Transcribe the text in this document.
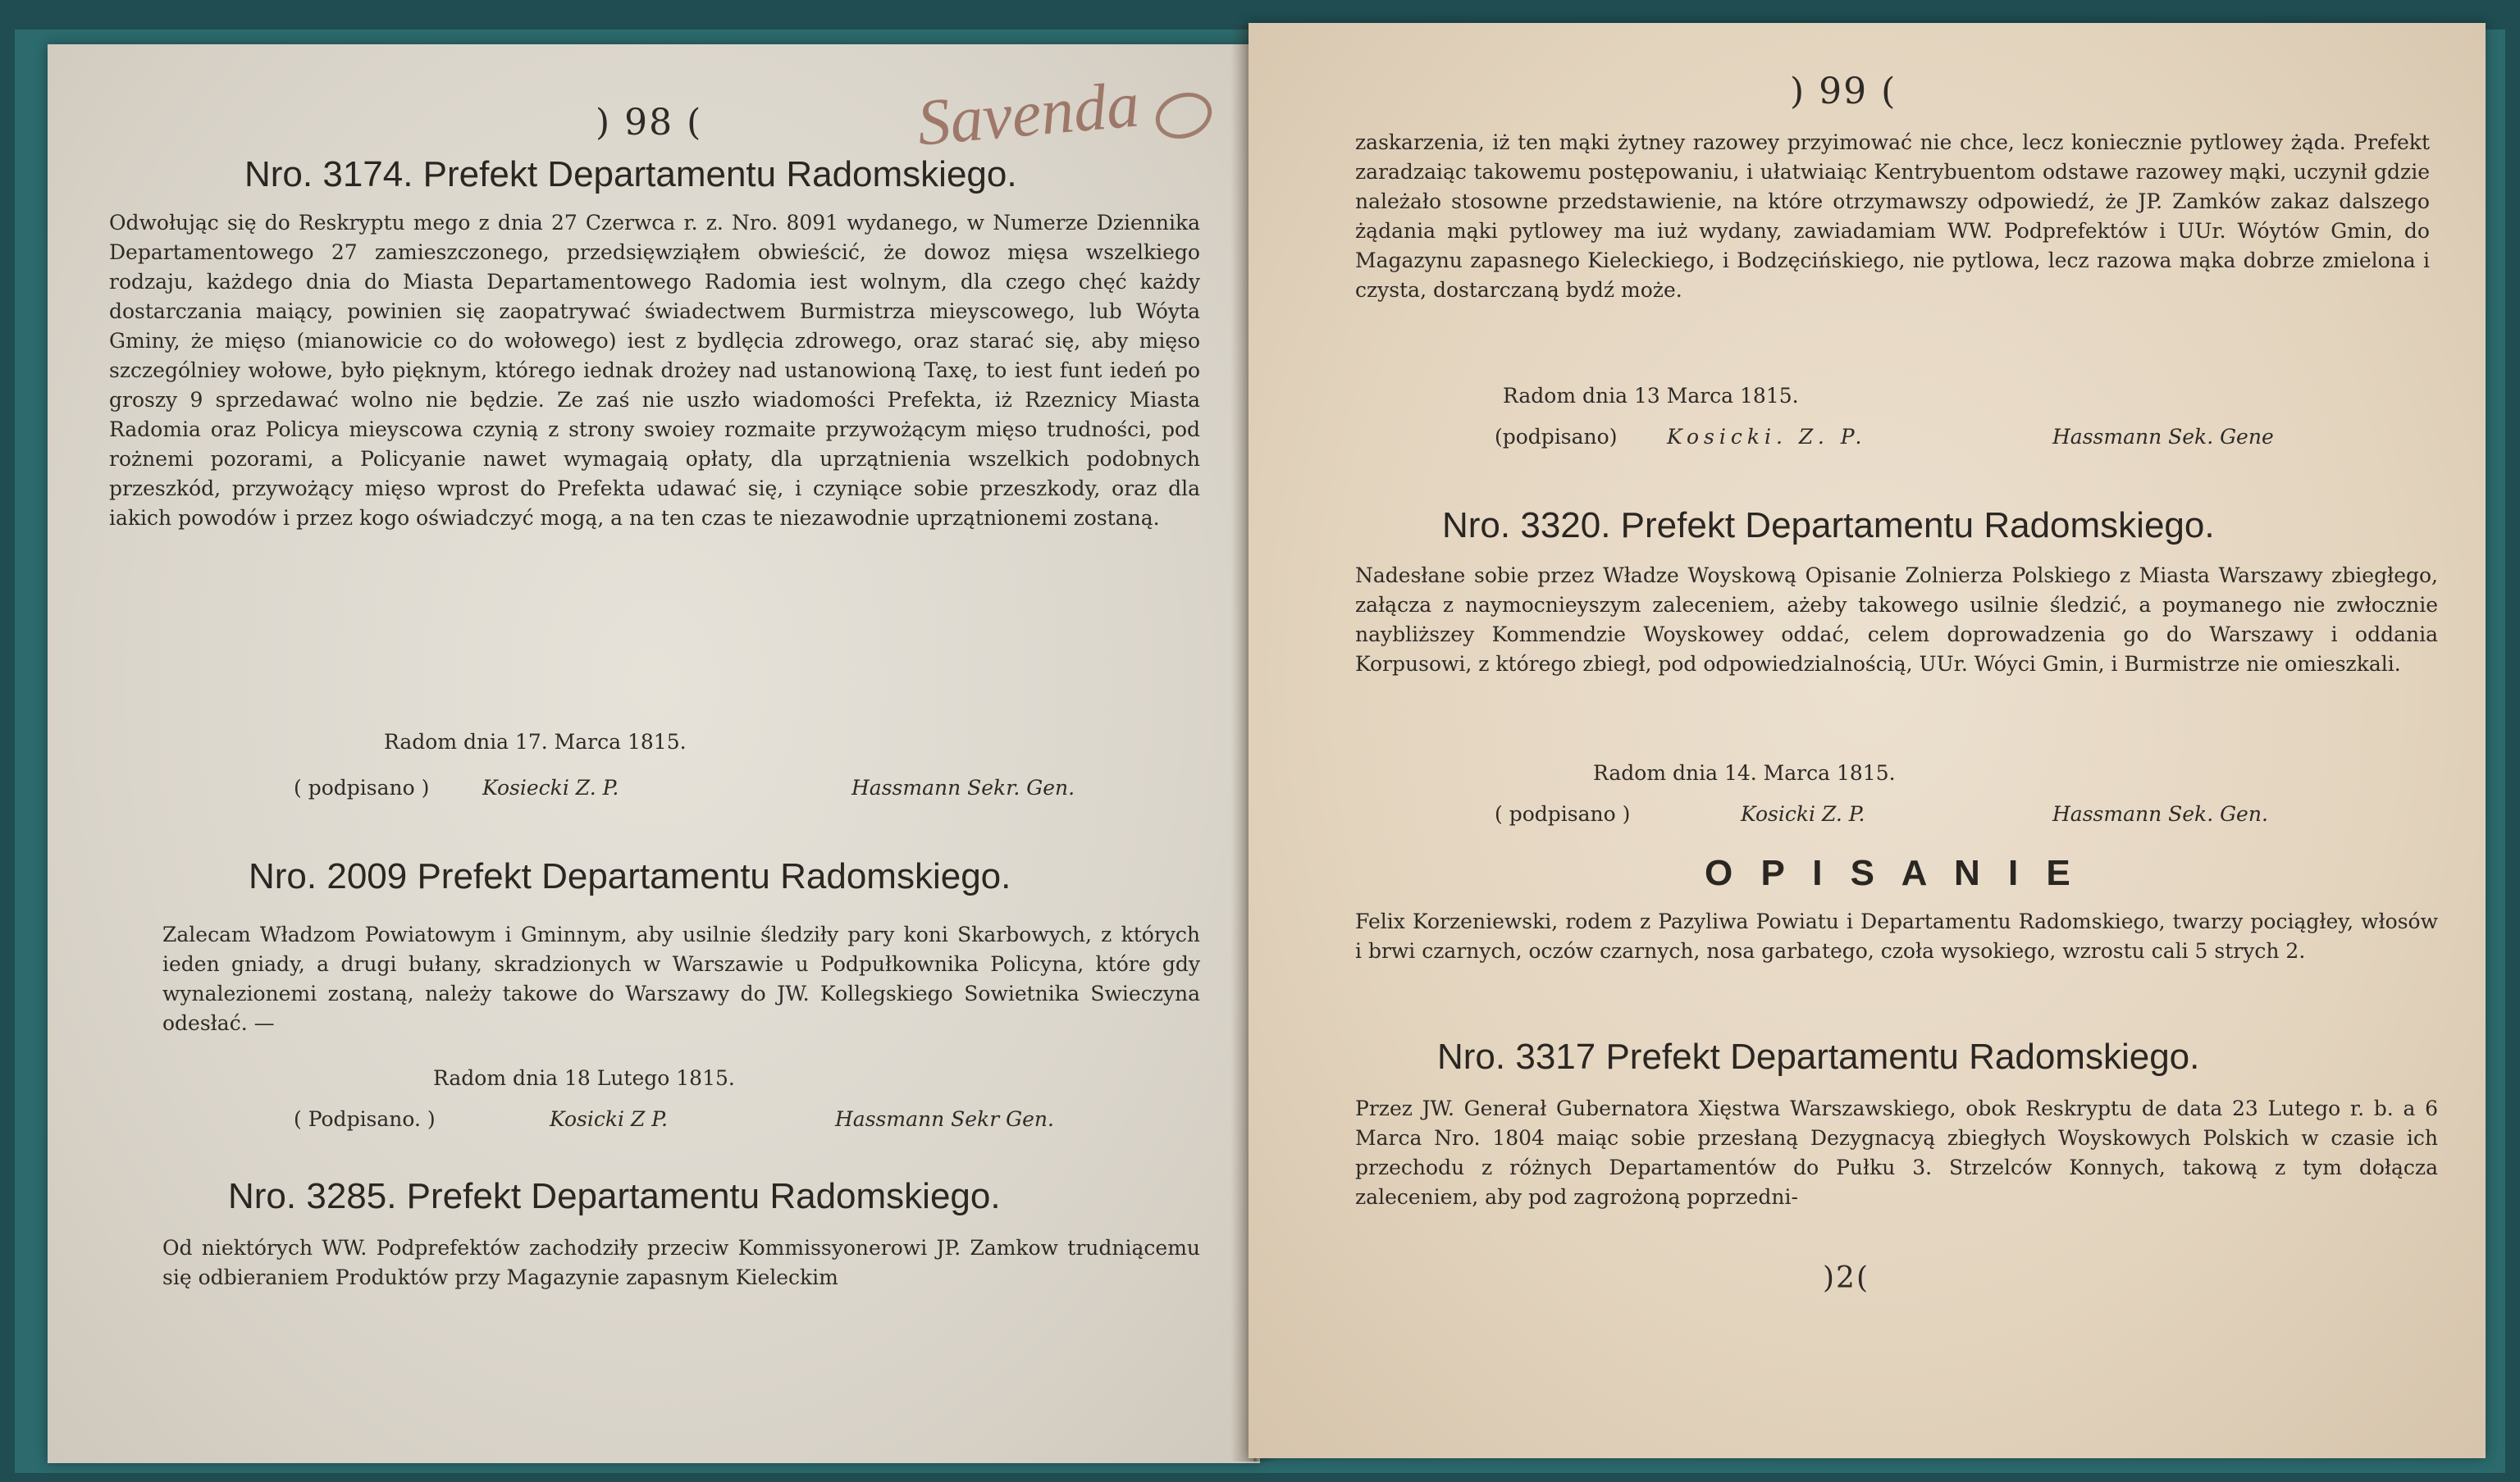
) 98 (	Savenda
Nro. 3174. Prefekt Departamentu Radomskiego.
Odwołując się do Reskryptu mego z dnia 27 Czerwca r. z. Nro. 8091 wydanego, w Numerze Dziennika Departamentowego 27 zamieszczonego, przedsięwziąłem obwieścić, że dowoz mięsa wszelkiego rodzaju, każdego dnia do Miasta Departamentowego Radomia iest wolnym, dla czego chęć każdy dostarczania maiący, powinien się zaopatrywać świadectwem Burmistrza mieyscowego, lub Wóyta Gminy, że mięso (mianowicie co do wołowego) iest z bydlęcia zdrowego, oraz starać się, aby mięso szczególniey wołowe, było pięknym, którego iednak drożey nad ustanowioną Taxę, to iest funt iedeń po groszy 9 sprzedawać wolno nie będzie. Ze zaś nie uszło wiadomości Prefekta, iż Rzeznicy Miasta Radomia oraz Policya mieyscowa czynią z strony swoiey rozmaite przywożącym mięso trudności, pod rożnemi pozorami, a Policyanie nawet wymagaią opłaty, dla uprzątnienia wszelkich podobnych przeszkód, przywożący mięso wprost do Prefekta udawać się, i czyniące sobie przeszkody, oraz dla iakich powodów i przez kogo oświadczyć mogą, a na ten czas te niezawodnie uprzątnionemi zostaną.
Radom dnia 17. Marca 1815.
( podpisano )	Kosiecki Z. P.	Hassmann Sekr. Gen.
Nro. 2009 Prefekt Departamentu Radomskiego.
Zalecam Władzom Powiatowym i Gminnym, aby usilnie śledziły pary koni Skarbowych, z których ieden gniady, a drugi bułany, skradzionych w Warszawie u Podpułkownika Policyna, które gdy wynalezionemi zostaną, należy takowe do Warszawy do JW. Kollegskiego Sowietnika Swieczyna odesłać. —
Radom dnia 18 Lutego 1815.
( Podpisano. )	Kosicki Z P.	Hassmann Sekr Gen.
Nro. 3285. Prefekt Departamentu Radomskiego.
Od niektórych WW. Podprefektów zachodziły przeciw Kommissyonerowi JP. Zamkow trudniącemu się odbieraniem Produktów przy Magazynie zapasnym Kieleckim
) 99 (
zaskarzenia, iż ten mąki żytney razowey przyimować nie chce, lecz koniecznie pytlowey żąda. Prefekt zaradzaiąc takowemu postępowaniu, i ułatwiaiąc Kentrybuentom odstawe razowey mąki, uczynił gdzie należało stosowne przedstawienie, na które otrzymawszy odpowiedź, że JP. Zamków zakaz dalszego żądania mąki pytlowey ma iuż wydany, zawiadamiam WW. Podprefektów i UUr. Wóytów Gmin, do Magazynu zapasnego Kieleckiego, i Bodzęcińskiego, nie pytlowa, lecz razowa mąka dobrze zmielona i czysta, dostarczaną bydź może.
Radom dnia 13 Marca 1815.
(podpisano) Kosicki. Z. P.	Hassmann Sek. Gene
Nro. 3320. Prefekt Departamentu Radomskiego.
Nadesłane sobie przez Władze Woyskową Opisanie Zolnierza Polskiego z Miasta Warszawy zbiegłego, załącza z naymocnieyszym zaleceniem, ażeby takowego usilnie śledzić, a poymanego nie zwłocznie naybliższey Kommendzie Woyskowey oddać, celem doprowadzenia go do Warszawy i oddania Korpusowi, z którego zbiegł, pod odpowiedzialnością, UUr. Wóyci Gmin, i Burmistrze nie omieszkali.
Radom dnia 14. Marca 1815.
( podpisano )	Kosicki Z. P.	Hassmann Sek. Gen.
O P I S A N I E
Felix Korzeniewski, rodem z Pazyliwa Powiatu i Departamentu Radomskiego, twarzy pociągłey, włosów i brwi czarnych, oczów czarnych, nosa garbatego, czoła wysokiego, wzrostu cali 5 strych 2.
Nro. 3317 Prefekt Departamentu Radomskiego.
Przez JW. Generał Gubernatora Xięstwa Warszawskiego, obok Reskryptu de data 23 Lutego r. b. a 6 Marca Nro. 1804 maiąc sobie przesłaną Dezygnacyą zbiegłych Woyskowych Polskich w czasie ich przechodu z różnych Departamentów do Pułku 3. Strzelców Konnych, takową z tym dołącza zaleceniem, aby pod zagrożoną poprzedni-
)2(
